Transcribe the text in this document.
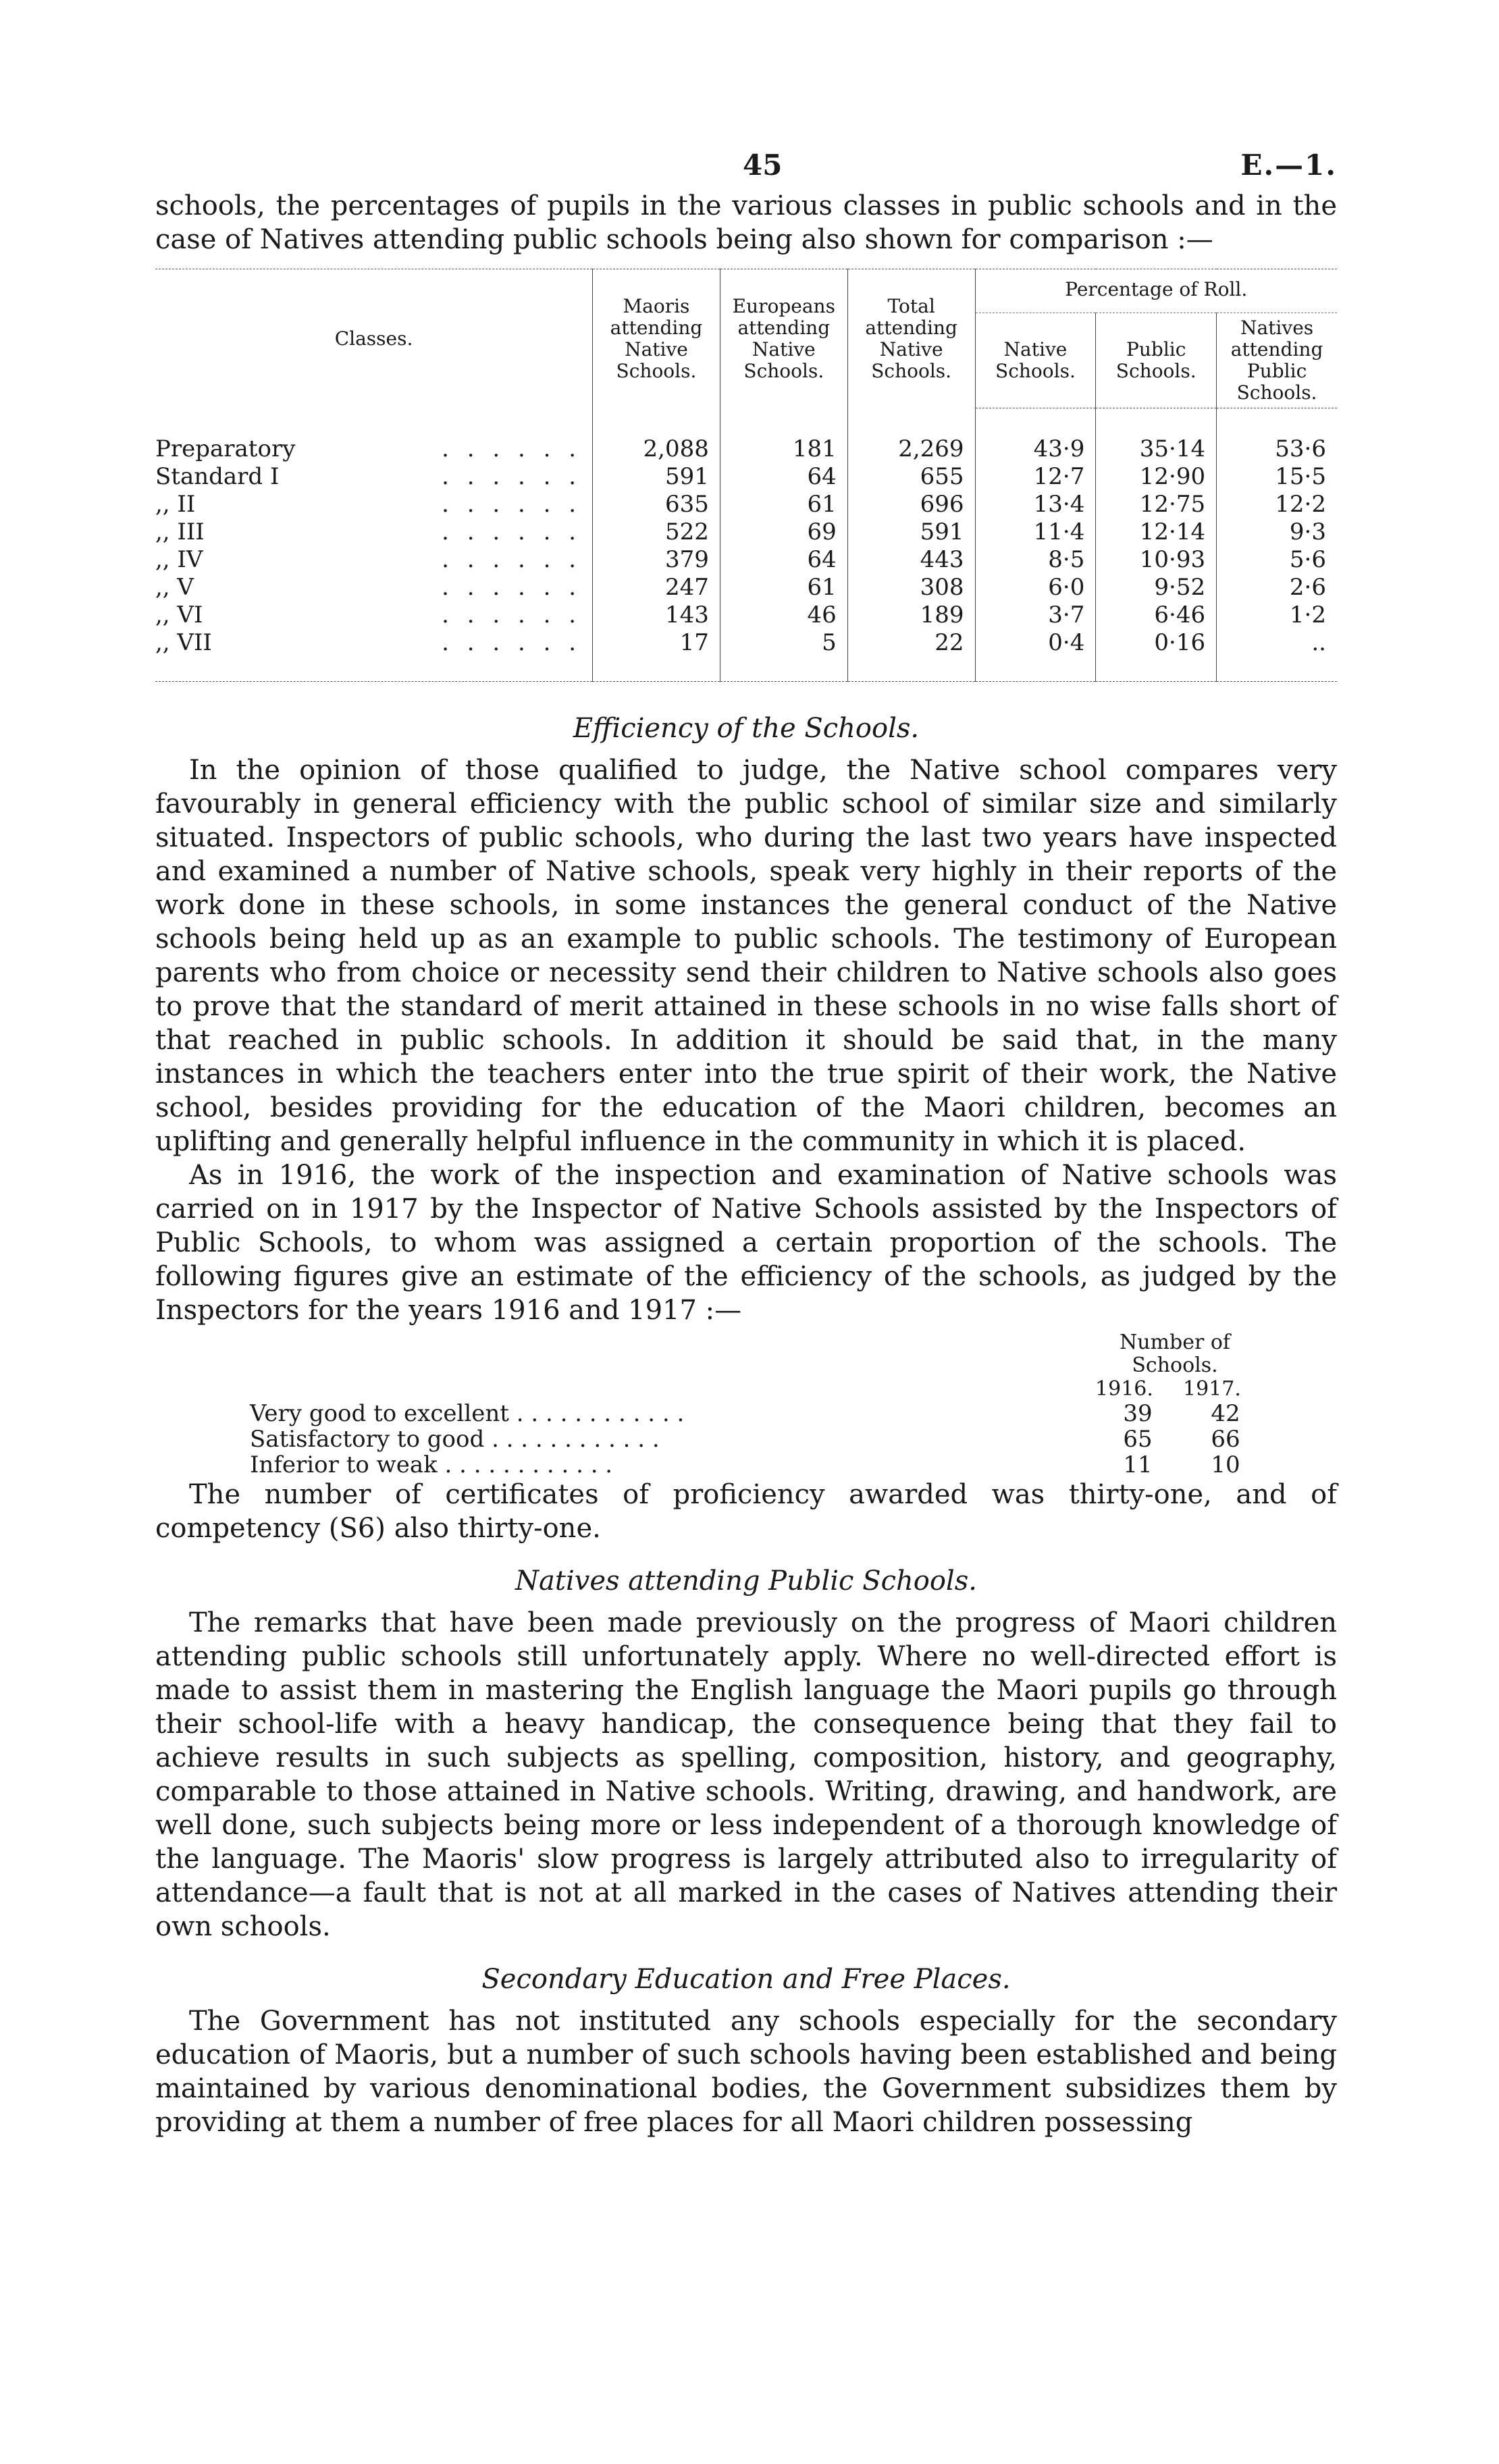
45	E.—1.

schools, the percentages of pupils in the various classes in public schools and in the case of Natives attending public schools being also shown for comparison :—

Classes.	Maoris attending Native Schools.	Europeans attending Native Schools.	Total attending Native Schools.	Percentage of Roll.		
				Native Schools.	Public Schools.	Natives attending Public Schools.

Preparatory . . . . . .	2,088	181	2,269	43·9	35·14	53·6

Standard I . . . . . .	591	64	655	12·7	12·90	15·5

,, II . . . . . .	635	61	696	13·4	12·75	12·2

,, III . . . . . .	522	69	591	11·4	12·14	9·3

,, IV . . . . . .	379	64	443	8·5	10·93	5·6

,, V . . . . . .	247	61	308	6·0	9·52	2·6

,, VI . . . . . .	143	46	189	3·7	6·46	1·2

,, VII . . . . . .	17	5	22	0·4	0·16	..
Efficiency of the Schools.

In the opinion of those qualified to judge, the Native school compares very favourably in general efficiency with the public school of similar size and similarly situated. Inspectors of public schools, who during the last two years have inspected and examined a number of Native schools, speak very highly in their reports of the work done in these schools, in some instances the general conduct of the Native schools being held up as an example to public schools. The testimony of European parents who from choice or necessity send their children to Native schools also goes to prove that the standard of merit attained in these schools in no wise falls short of that reached in public schools. In addition it should be said that, in the many instances in which the teachers enter into the true spirit of their work, the Native school, besides providing for the education of the Maori children, becomes an uplifting and generally helpful influence in the community in which it is placed.

As in 1916, the work of the inspection and examination of Native schools was carried on in 1917 by the Inspector of Native Schools assisted by the Inspectors of Public Schools, to whom was assigned a certain proportion of the schools. The following figures give an estimate of the efficiency of the schools, as judged by the Inspectors for the years 1916 and 1917 :—

Number of Schools.
1916.	1917.
Very good to excellent . . . . . . . . . . . .	39	42
Satisfactory to good . . . . . . . . . . . .	65	66
Inferior to weak . . . . . . . . . . . .	11	10

The number of certificates of proficiency awarded was thirty-one, and of competency (S6) also thirty-one.

Natives attending Public Schools.

The remarks that have been made previously on the progress of Maori children attending public schools still unfortunately apply. Where no well-directed effort is made to assist them in mastering the English language the Maori pupils go through their school-life with a heavy handicap, the consequence being that they fail to achieve results in such subjects as spelling, composition, history, and geography, comparable to those attained in Native schools. Writing, drawing, and handwork, are well done, such subjects being more or less independent of a thorough knowledge of the language. The Maoris' slow progress is largely attributed also to irregularity of attendance—a fault that is not at all marked in the cases of Natives attending their own schools.

Secondary Education and Free Places.

The Government has not instituted any schools especially for the secondary education of Maoris, but a number of such schools having been established and being maintained by various denominational bodies, the Government subsidizes them by providing at them a number of free places for all Maori children possessing
